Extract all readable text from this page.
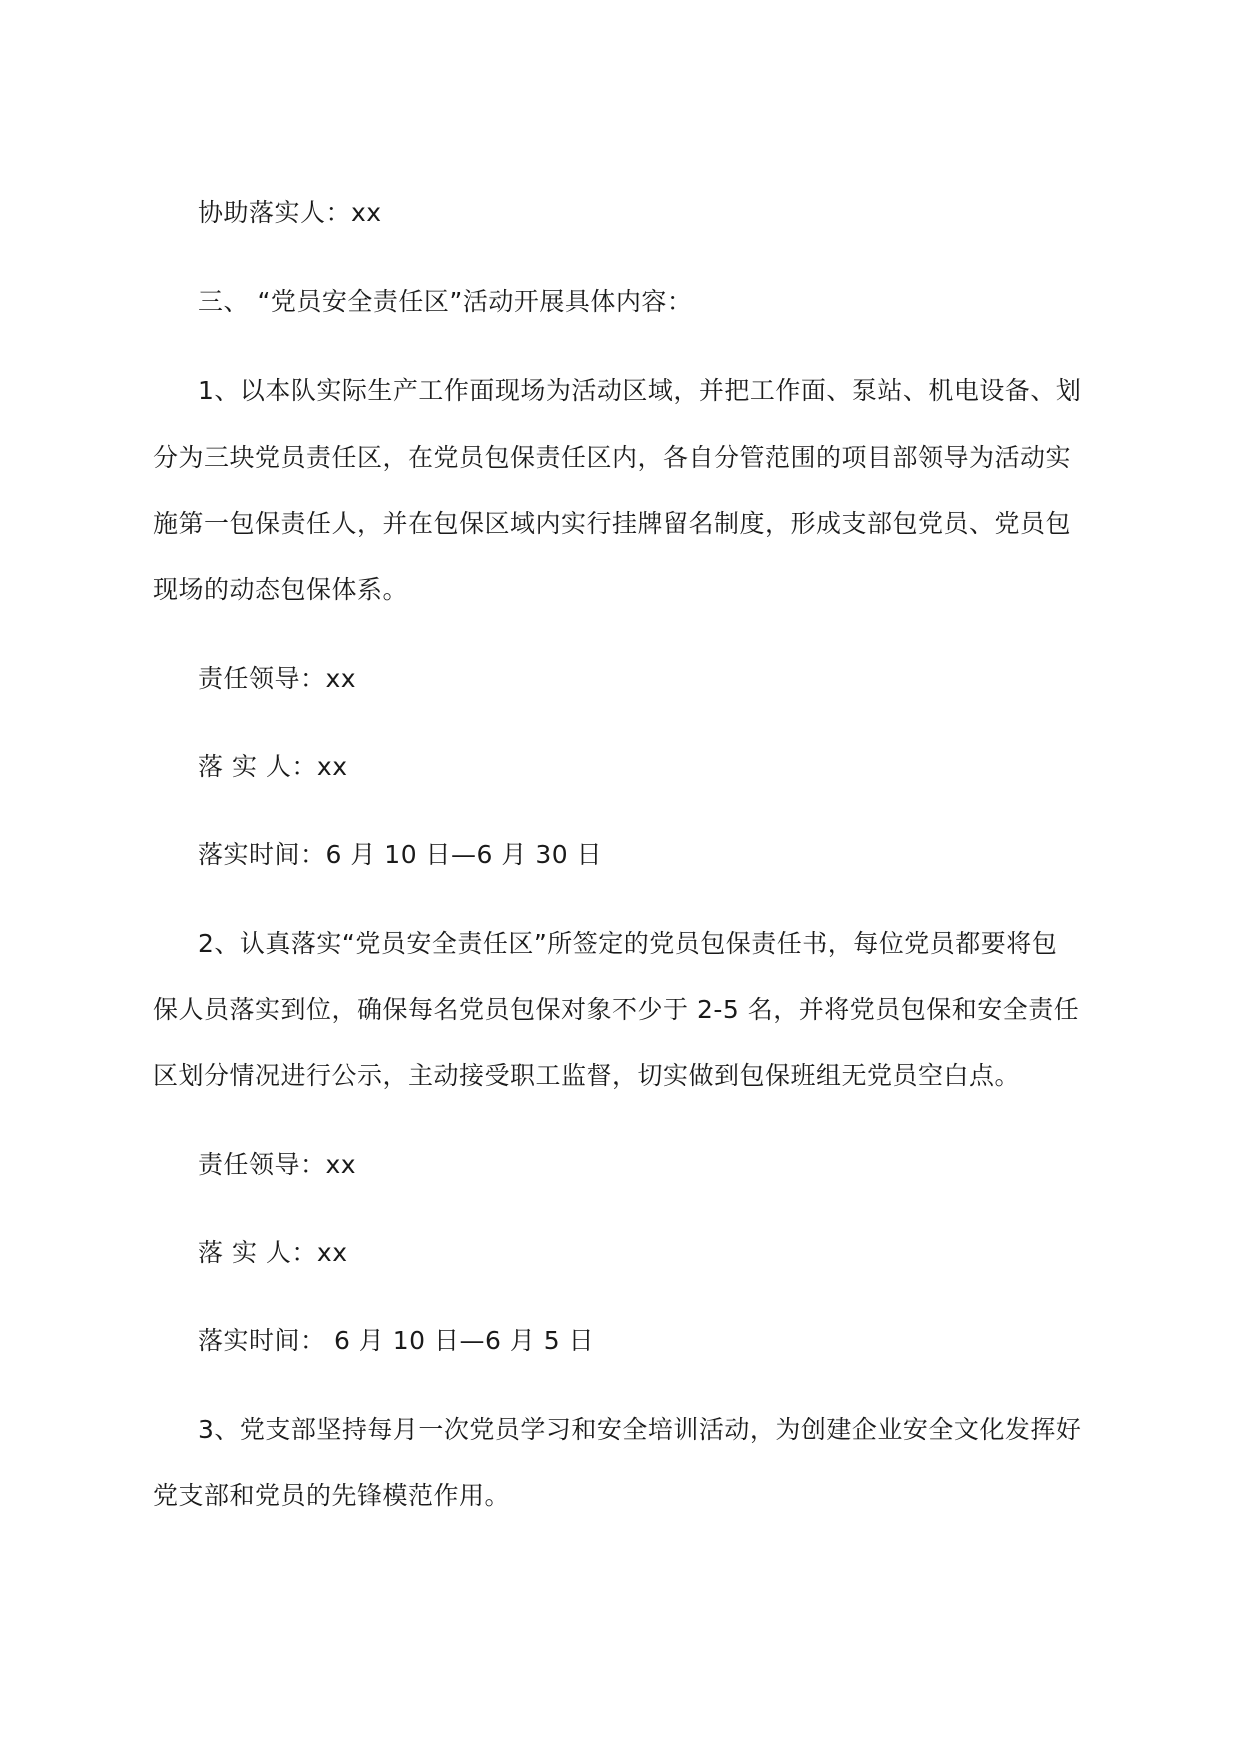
协助落实人：xx
三、 “党员安全责任区”活动开展具体内容：
1、以本队实际生产工作面现场为活动区域，并把工作面、泵站、机电设备、划
分为三块党员责任区，在党员包保责任区内，各自分管范围的项目部领导为活动实
施第一包保责任人，并在包保区域内实行挂牌留名制度，形成支部包党员、党员包
现场的动态包保体系。
责任领导：xx
落 实 人：xx
落实时间：6 月 10 日—6 月 30 日
2、认真落实“党员安全责任区”所签定的党员包保责任书，每位党员都要将包
保人员落实到位，确保每名党员包保对象不少于 2-5 名，并将党员包保和安全责任
区划分情况进行公示，主动接受职工监督，切实做到包保班组无党员空白点。
责任领导：xx
落 实 人：xx
落实时间： 6 月 10 日—6 月 5 日
3、党支部坚持每月一次党员学习和安全培训活动，为创建企业安全文化发挥好
党支部和党员的先锋模范作用。
